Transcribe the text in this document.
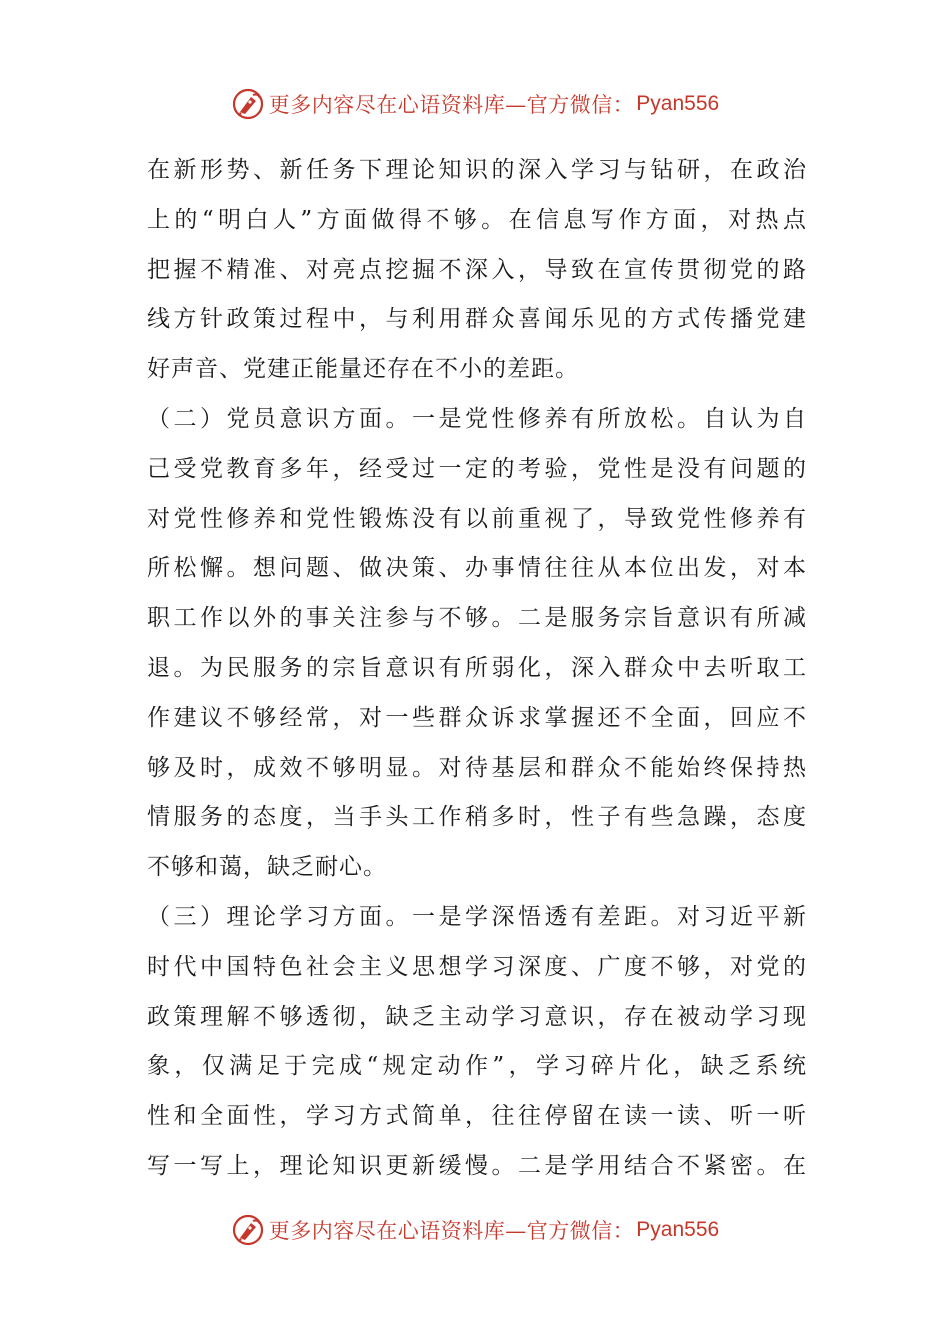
更多内容尽在心语资料库—官方微信： Pyan556
在新形势、新任务下理论知识的深入学习与钻研，在政治
上的“明白人”方面做得不够。在信息写作方面，对热点
把握不精准、对亮点挖掘不深入，导致在宣传贯彻党的路
线方针政策过程中，与利用群众喜闻乐见的方式传播党建
好声音、党建正能量还存在不小的差距。
（二）党员意识方面。一是党性修养有所放松。自认为自
己受党教育多年，经受过一定的考验，党性是没有问题的
对党性修养和党性锻炼没有以前重视了，导致党性修养有
所松懈。想问题、做决策、办事情往往从本位出发，对本
职工作以外的事关注参与不够。二是服务宗旨意识有所减
退。为民服务的宗旨意识有所弱化，深入群众中去听取工
作建议不够经常，对一些群众诉求掌握还不全面，回应不
够及时，成效不够明显。对待基层和群众不能始终保持热
情服务的态度，当手头工作稍多时，性子有些急躁，态度
不够和蔼，缺乏耐心。
（三）理论学习方面。一是学深悟透有差距。对习近平新
时代中国特色社会主义思想学习深度、广度不够，对党的
政策理解不够透彻，缺乏主动学习意识，存在被动学习现
象，仅满足于完成“规定动作”，学习碎片化，缺乏系统
性和全面性，学习方式简单，往往停留在读一读、听一听
写一写上，理论知识更新缓慢。二是学用结合不紧密。在
更多内容尽在心语资料库—官方微信： Pyan556
